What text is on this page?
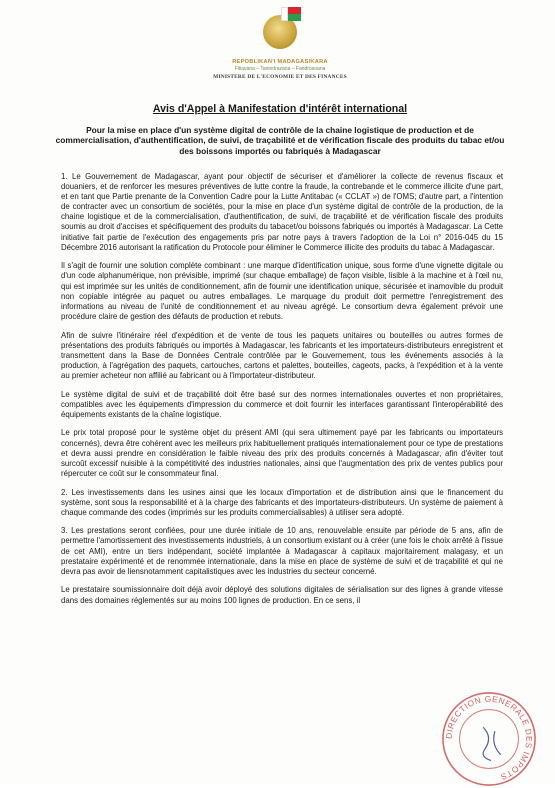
REPOBLIKAN'I MADAGASIKARA
Fitiavana – Tanindrazana – Fandrosoana
MINISTERE DE L'ECONOMIE ET DES FINANCES
Avis d'Appel à Manifestation d'intérêt international
Pour la mise en place d'un système digital de contrôle de la chaine logistique de production et de commercialisation, d'authentification, de suivi, de traçabilité et de vérification fiscale des produits du tabac et/ou des boissons importés ou fabriqués à Madagascar

1. Le Gouvernement de Madagascar, ayant pour objectif de sécuriser et d'améliorer la collecte de revenus fiscaux et douaniers, et de renforcer les mesures préventives de lutte contre la fraude, la contrebande et le commerce illicite d'une part, et en tant que Partie prenante de la Convention Cadre pour la Lutte Antitabac (« CCLAT ») de l'OMS; d'autre part, a l'intention de contracter avec un consortium de sociétés, pour la mise en place d'un système digital de contrôle de la production, de la chaine logistique et de la commercialisation, d'authentification, de suivi, de traçabilité et de vérification fiscale des produits soumis au droit d'accises et spécifiquement des produits du tabacet/ou boissons fabriqués ou importés à Madagascar. La Cette initiative fait partie de l'exécution des engagements pris par notre pays à travers l'adoption de la Loi n° 2016-045 du 15 Décembre 2016 autorisant la ratification du Protocole pour éliminer le Commerce illicite des produits du tabac à Madagascar.

Il s'agit de fournir une solution complète combinant : une marque d'identification unique, sous forme d'une vignette digitale ou d'un code alphanumérique, non prévisible, imprimé (sur chaque emballage) de façon visible, lisible à la machine et à l'œil nu, qui est imprimée sur les unités de conditionnement, afin de fournir une identification unique, sécurisée et inamovible du produit non copiable intégrée au paquet ou autres emballages. Le marquage du produit doit permettre l'enregistrement des informations au niveau de l'unité de conditionnement et au niveau agrégé. Le consortium devra également prévoir une procédure claire de gestion des défauts de production et rebuts.

Afin de suivre l'itinéraire réel d'expédition et de vente de tous les paquets unitaires ou bouteilles ou autres formes de présentations des produits fabriqués ou importés à Madagascar, les fabricants et les importateurs-distributeurs enregistrent et transmettent dans la Base de Données Centrale contrôlée par le Gouvernement, tous les événements associés à la production, à l'agrégation des paquets, cartouches, cartons et palettes, bouteilles, cageots, packs, à l'expédition et à la vente au premier acheteur non affilié au fabricant ou à l'importateur-distributeur.

Le système digital de suivi et de traçabilité doit être basé sur des normes internationales ouvertes et non propriétaires, compatibles avec les équipements d'impression du commerce et doit fournir les interfaces garantissant l'interopérabilité des équipements existants de la chaîne logistique.

Le prix total proposé pour le système objet du présent AMI (qui sera ultimement payé par les fabricants ou importateurs concernés), devra être cohérent avec les meilleurs prix habituellement pratiqués internationalement pour ce type de prestations et devra aussi prendre en considération le faible niveau des prix des produits concernés à Madagascar, afin d'éviter tout surcoût excessif nuisible à la compétitivité des industries nationales, ainsi que l'augmentation des prix de ventes publics pour répercuter ce coût sur le consommateur final.

2. Les investissements dans les usines ainsi que les locaux d'importation et de distribution ainsi que le financement du système, sont sous la responsabilité et à la charge des fabricants et des importateurs-distributeurs. Un système de paiement à chaque commande des codes (imprimés sur les produits commercialisables) à utiliser sera adopté.

3. Les prestations seront confiées, pour une durée initiale de 10 ans, renouvelable ensuite par période de 5 ans, afin de permettre l'amortissement des investissements industriels, à un consortium existant ou à créer (une fois le choix arrêté à l'issue de cet AMI), entre un tiers indépendant, société implantée à Madagascar à capitaux majoritairement malagasy, et un prestataire expérimenté et de renommée internationale, dans la mise en place de système de suivi et de traçabilité et qui ne devra pas avoir de liensnotamment capitalistiques avec les industries du secteur concerné.

Le prestataire soumissionnaire doit déjà avoir déployé des solutions digitales de sérialisation sur des lignes à grande vitesse dans des domaines réglementés sur au moins 100 lignes de production. En ce sens, il

DIRECTION GENERALE DES IMPOTS
